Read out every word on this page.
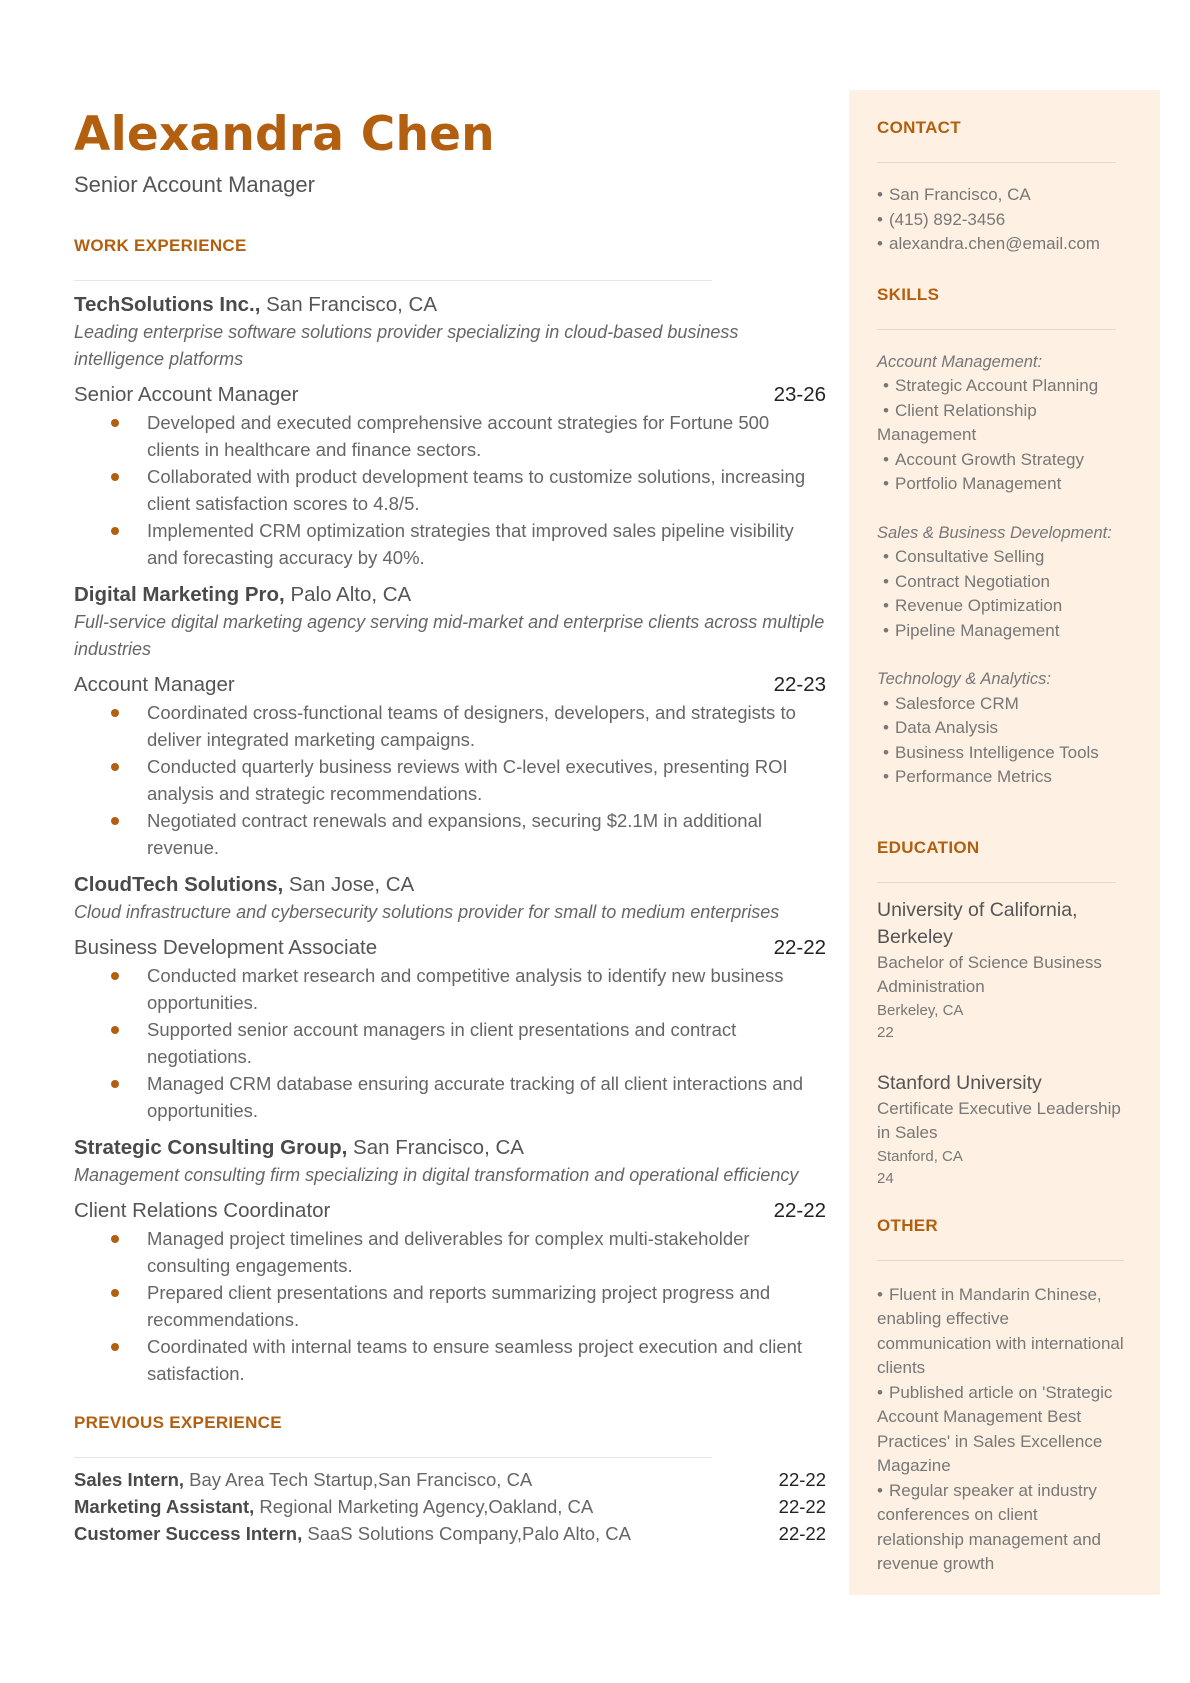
Alexandra Chen
Senior Account Manager
WORK EXPERIENCE
TechSolutions Inc., San Francisco, CA
Leading enterprise software solutions provider specializing in cloud-based business intelligence platforms
Senior Account Manager	23-26
Developed and executed comprehensive account strategies for Fortune 500 clients in healthcare and finance sectors.
Collaborated with product development teams to customize solutions, increasing client satisfaction scores to 4.8/5.
Implemented CRM optimization strategies that improved sales pipeline visibility and forecasting accuracy by 40%.
Digital Marketing Pro, Palo Alto, CA
Full-service digital marketing agency serving mid-market and enterprise clients across multiple industries
Account Manager	22-23
Coordinated cross-functional teams of designers, developers, and strategists to deliver integrated marketing campaigns.
Conducted quarterly business reviews with C-level executives, presenting ROI analysis and strategic recommendations.
Negotiated contract renewals and expansions, securing $2.1M in additional revenue.
CloudTech Solutions, San Jose, CA
Cloud infrastructure and cybersecurity solutions provider for small to medium enterprises
Business Development Associate	22-22
Conducted market research and competitive analysis to identify new business opportunities.
Supported senior account managers in client presentations and contract negotiations.
Managed CRM database ensuring accurate tracking of all client interactions and opportunities.
Strategic Consulting Group, San Francisco, CA
Management consulting firm specializing in digital transformation and operational efficiency
Client Relations Coordinator	22-22
Managed project timelines and deliverables for complex multi-stakeholder consulting engagements.
Prepared client presentations and reports summarizing project progress and recommendations.
Coordinated with internal teams to ensure seamless project execution and client satisfaction.
PREVIOUS EXPERIENCE
Sales Intern, Bay Area Tech Startup,San Francisco, CA	22-22
Marketing Assistant, Regional Marketing Agency,Oakland, CA	22-22
Customer Success Intern, SaaS Solutions Company,Palo Alto, CA	22-22
CONTACT
• San Francisco, CA
• (415) 892-3456
• alexandra.chen@email.com
SKILLS
Account Management:
• Strategic Account Planning
• Client Relationship Management
• Account Growth Strategy
• Portfolio Management
Sales & Business Development:
• Consultative Selling
• Contract Negotiation
• Revenue Optimization
• Pipeline Management
Technology & Analytics:
• Salesforce CRM
• Data Analysis
• Business Intelligence Tools
• Performance Metrics
EDUCATION
University of California, Berkeley
Bachelor of Science Business Administration
Berkeley, CA
22
Stanford University
Certificate Executive Leadership in Sales
Stanford, CA
24
OTHER
• Fluent in Mandarin Chinese, enabling effective communication with international clients
• Published article on 'Strategic Account Management Best Practices' in Sales Excellence Magazine
• Regular speaker at industry conferences on client relationship management and revenue growth
